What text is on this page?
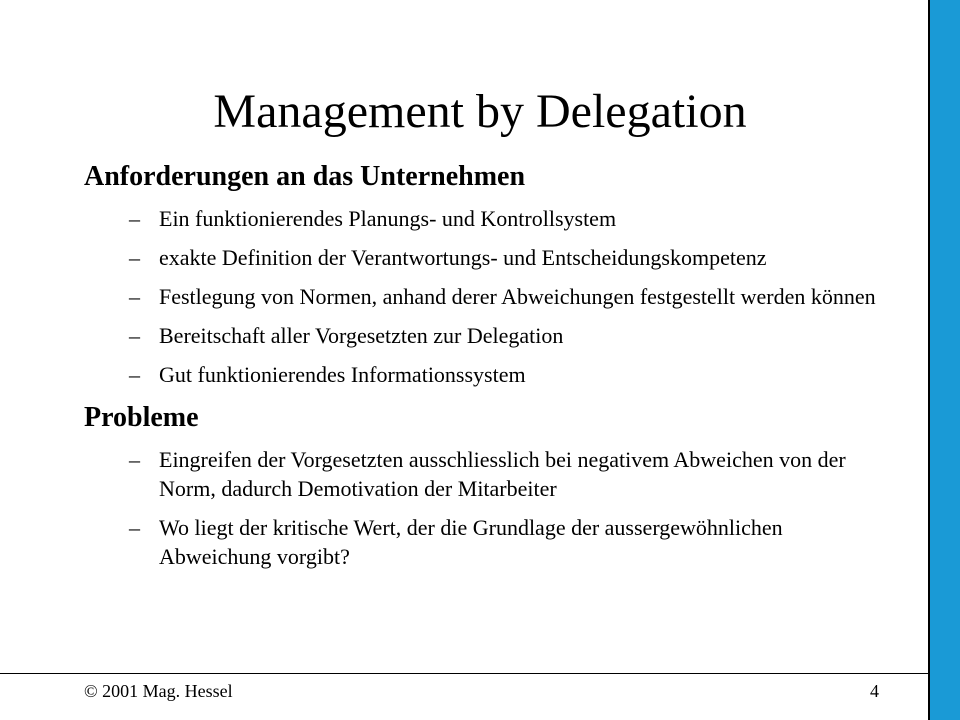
Management by Delegation
Anforderungen an das Unternehmen
– Ein funktionierendes Planungs- und Kontrollsystem
– exakte Definition der Verantwortungs- und Entscheidungskompetenz
– Festlegung von Normen, anhand derer Abweichungen festgestellt werden können
– Bereitschaft aller Vorgesetzten zur Delegation
– Gut funktionierendes Informationssystem
Probleme
– Eingreifen der Vorgesetzten ausschliesslich bei negativem Abweichen von der Norm, dadurch Demotivation der Mitarbeiter
– Wo liegt der kritische Wert, der die Grundlage der aussergewöhnlichen Abweichung vorgibt?
© 2001 Mag. Hessel	4
